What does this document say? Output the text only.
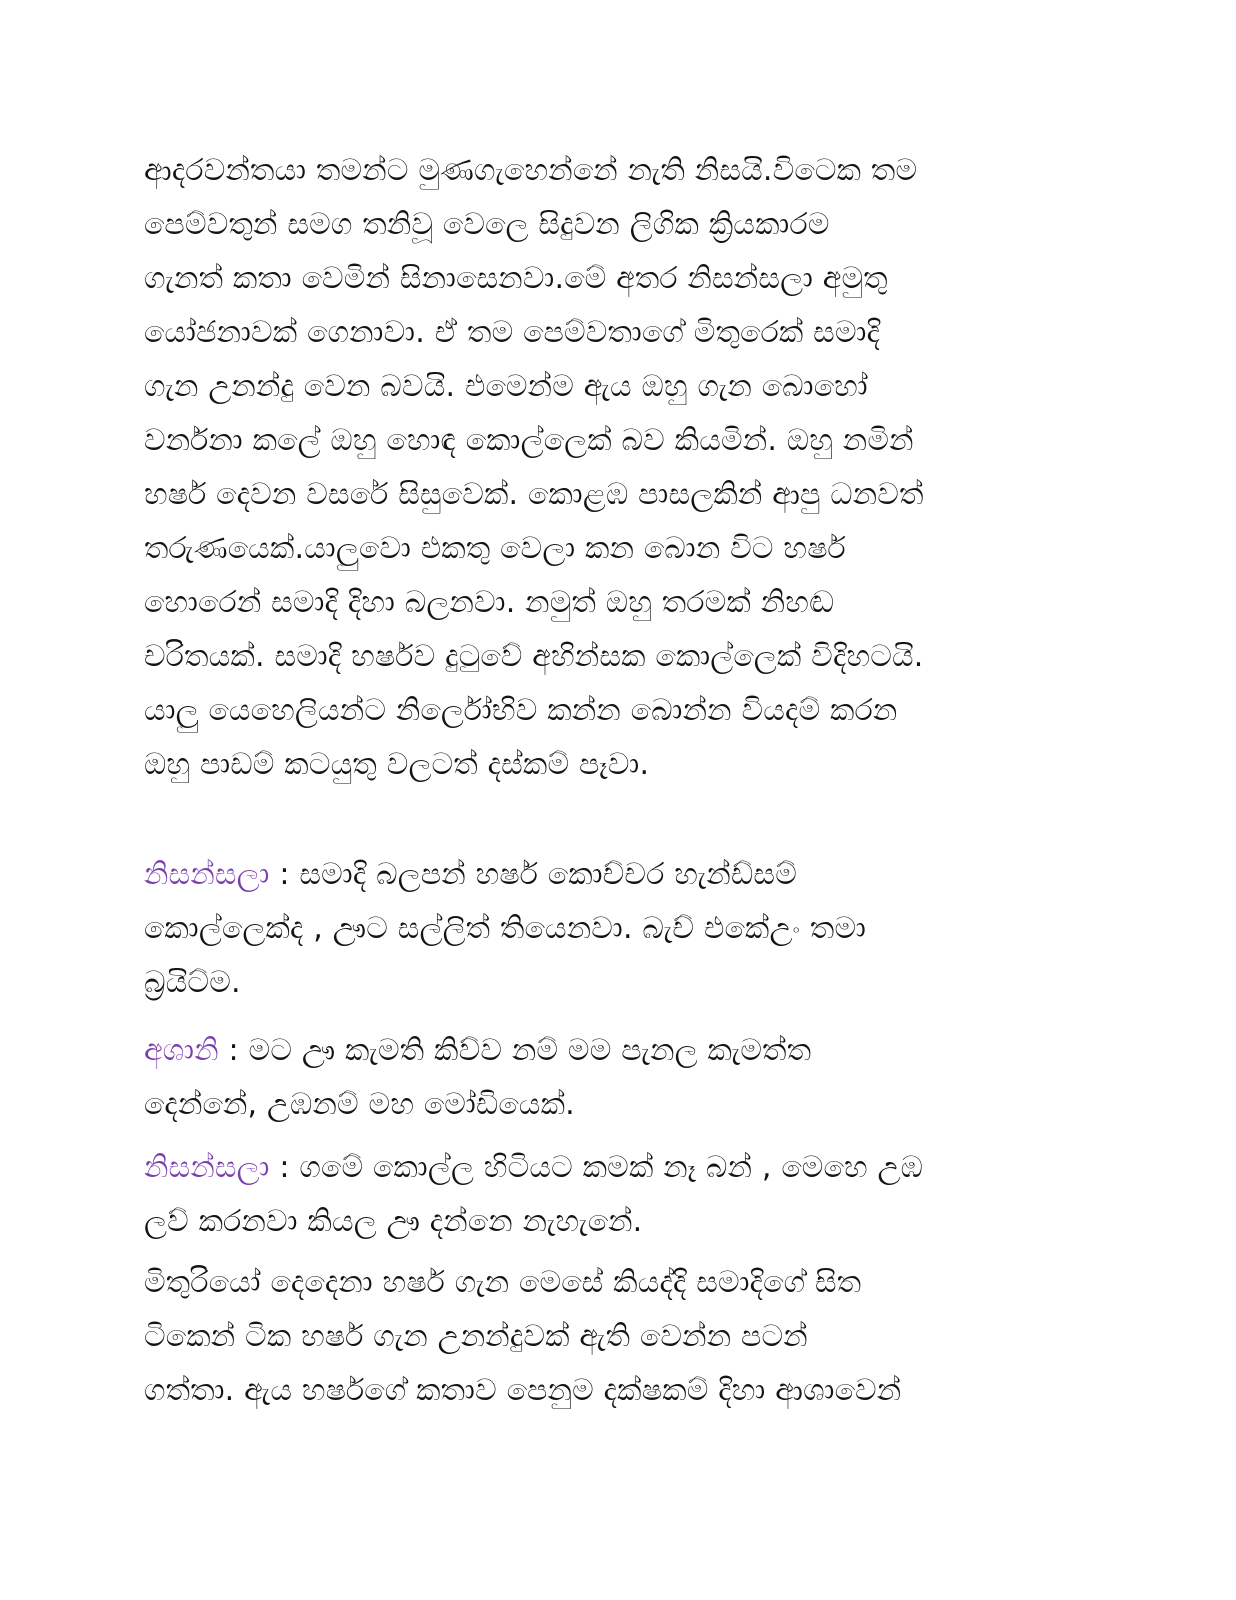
ආදරවන්තයා තමන්ට මුණගැහෙන්නේ නැති නිසයි.විටෙක තම
පෙම්වතුන් සමග තනිවූ වෙලෙ සිදුවන ලිගික ක්‍රියකාරම
ගැනත් කතා වෙමින් සිනාසෙනවා.මේ අතර නිසන්සලා අමුතු
යෝජනාවක් ගෙනාවා. ඒ තම පෙම්වතාගේ මිතුරෙක් සමාදි
ගැන උනන්දු වෙන බවයි. එමෙන්ම ඇය ඔහු ගැන බොහෝ
වර්නනා කලේ ඔහු හොඳ කොල්ලෙක් බව කියමින්. ඔහු නමින්
හර්ෂ දෙවන වසරේ සිසුවෙක්. කොළඹ පාසලකින් ආපු ධනවත්
තරුණයෙක්.යාලුවො එකතු වෙලා කන බොන විට හර්ෂ
හොරෙන් සමාදි දිහා බලනවා. නමුත් ඔහු තරමක් නිහඬ
චරිතයක්. සමාදි හර්ෂව දුටුවේ අහින්සක කොල්ලෙක් විදිහටයි.
යාලු යෙහෙලියන්ට නිර්ලෝභිව කන්න බොන්න වියදම් කරන
ඔහු පාඩම් කටයුතු වලටත් දස්කම් පෑවා.
නිසන්සලා : සමාදි බලපන් හර්ෂ කොච්චර හැන්ඩ්සම්
කොල්ලෙක්ද , ඌට සල්ලිත් තියෙනවා. බැච් එකේඋං තමා
බ්‍රයිට්ම.
අශානි : මට ඌ කැමති කිව්ව නම් මම පැනල කැමත්ත
දෙන්නේ, උඹනම් මහ මෝඩියෙක්.
නිසන්සලා : ගමේ කොල්ල හිටියට කමක් නෑ බන් , මෙහෙ උඹ
ලව් කරනවා කියල ඌ දන්නෙ නැහැනේ.
මිතුරියෝ දෙදෙනා හර්ෂ ගැන මෙසේ කියද්දි සමාදිගේ සිත
ටිකෙන් ටික හර්ෂ ගැන උනන්දුවක් ඇති වෙන්න පටන්
ගත්තා. ඇය හර්ෂගේ කතාව පෙනුම දක්ෂකම් දිහා ආශාවෙන්
